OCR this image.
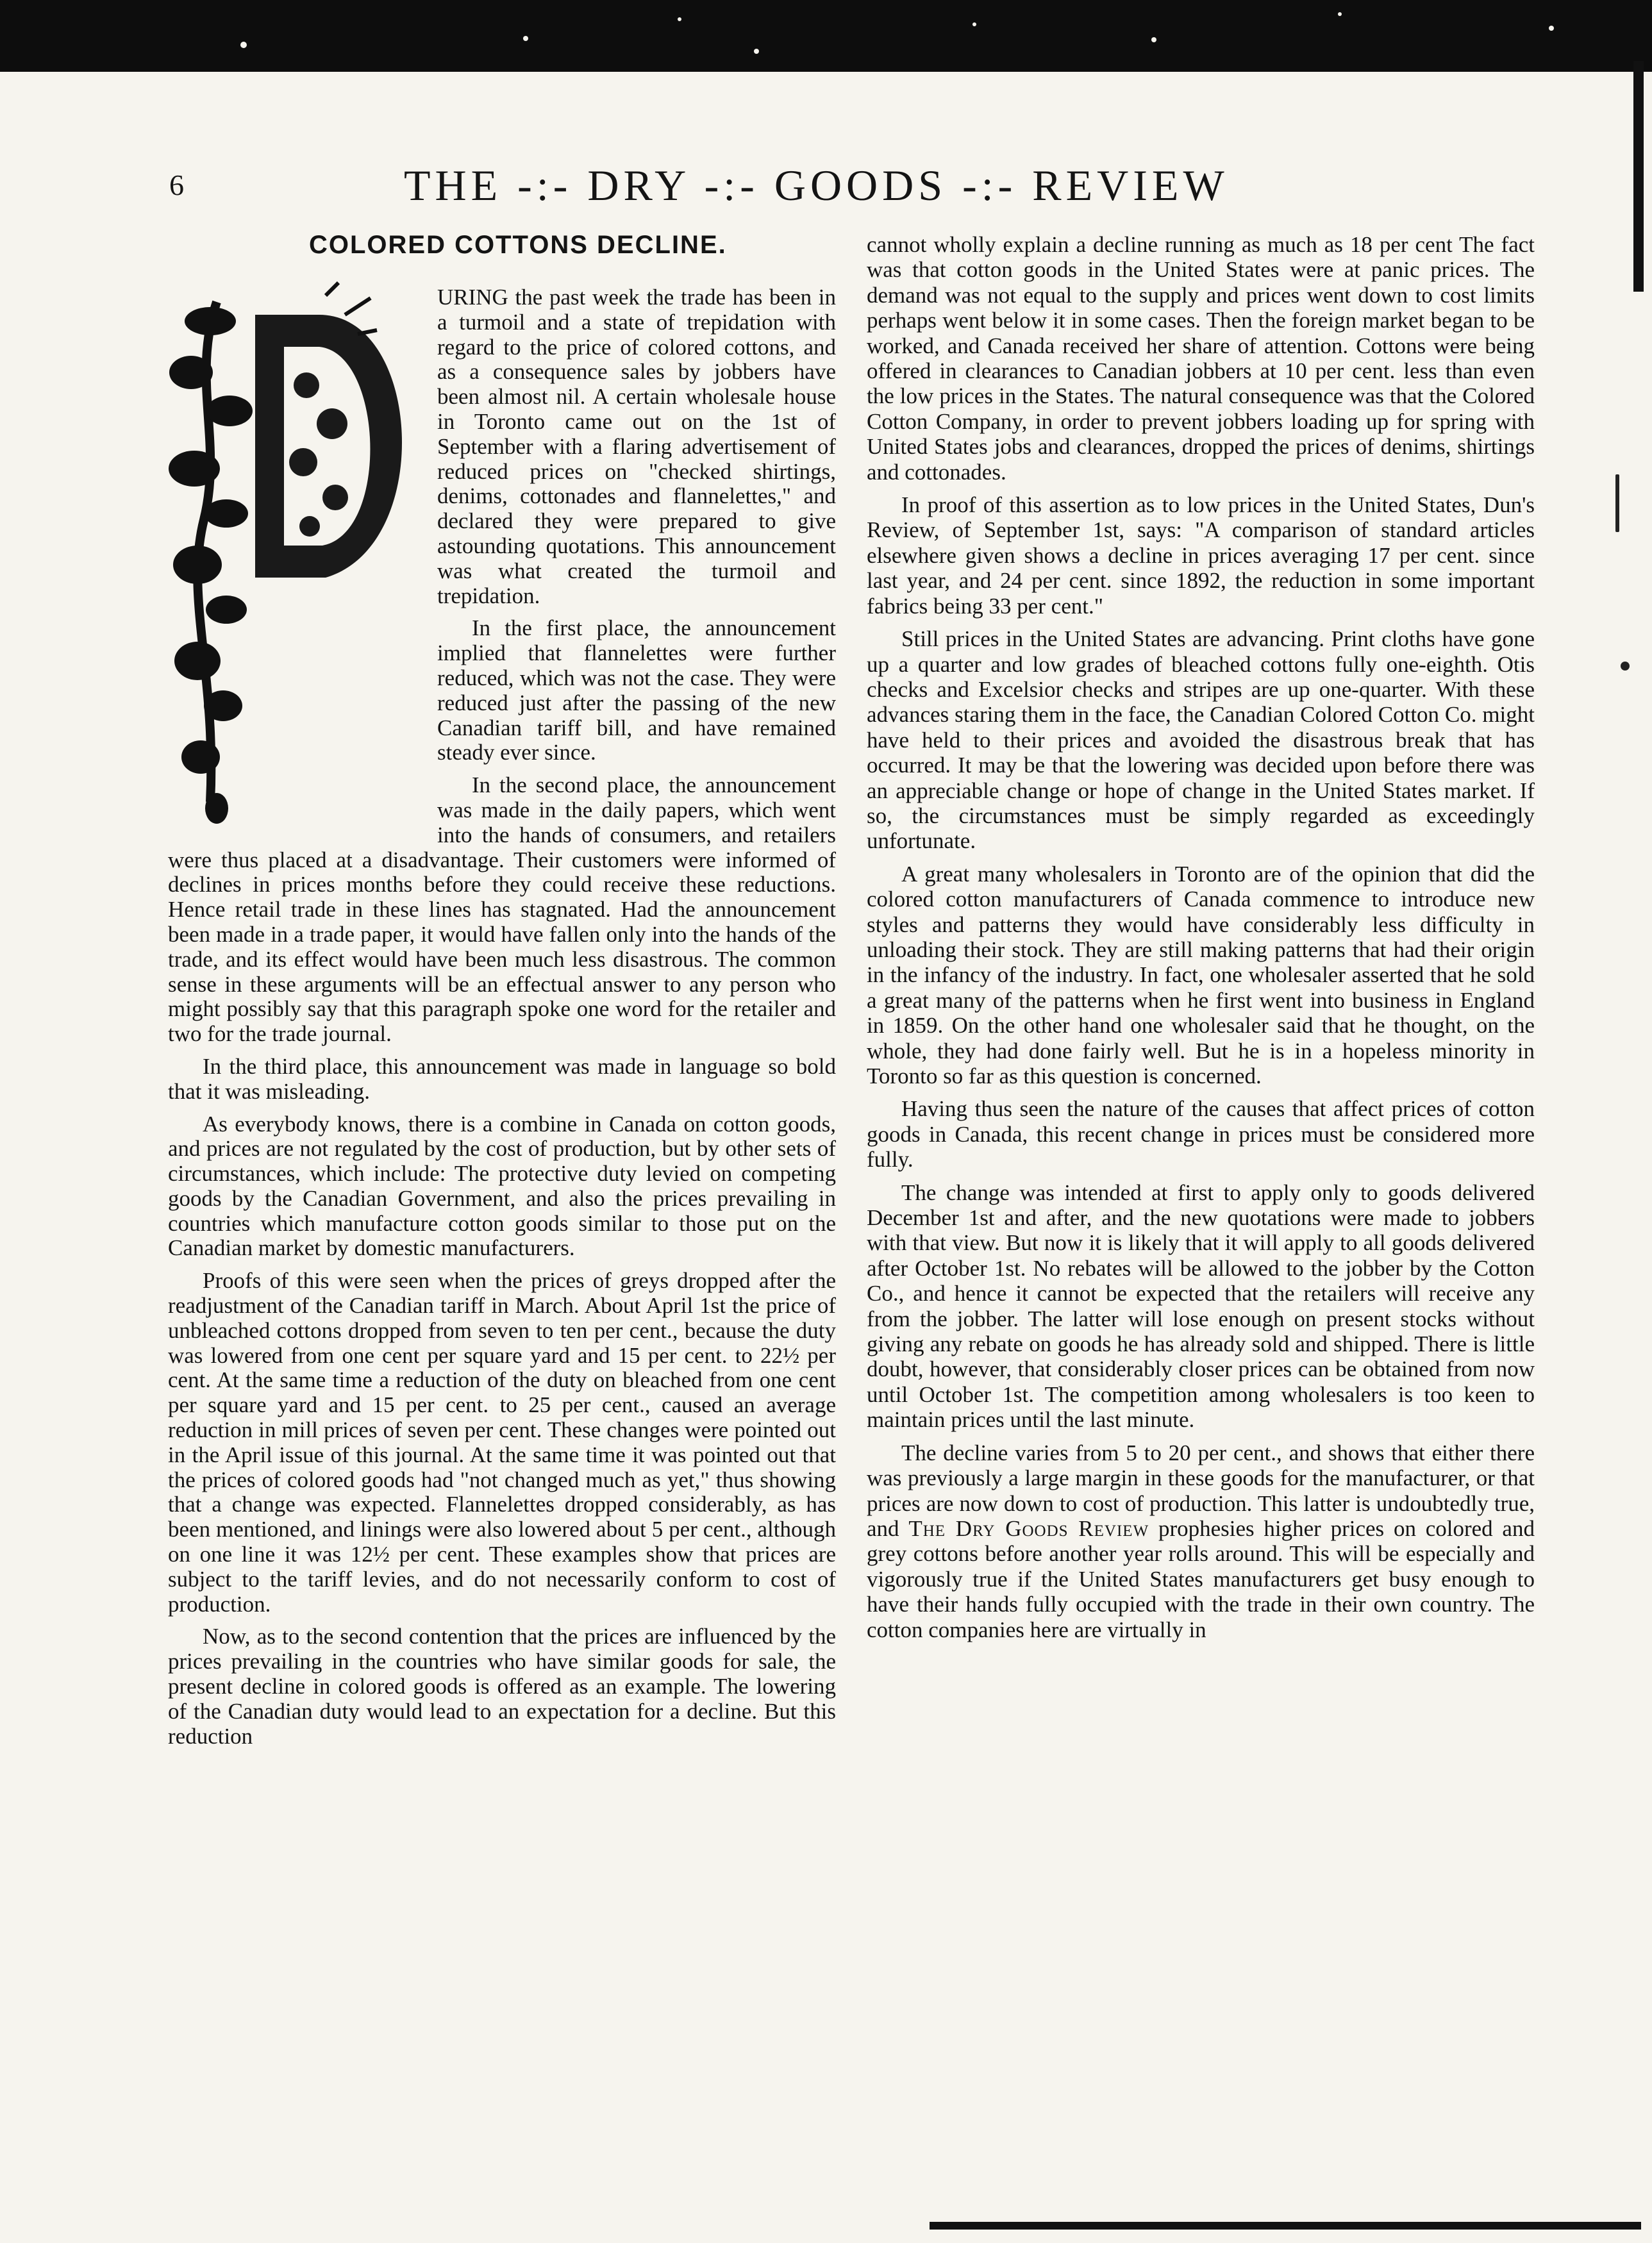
6	THE -:- DRY -:- GOODS -:- REVIEW
COLORED COTTONS DECLINE.

URING the past week the trade has been in a turmoil and a state of trepidation with regard to the price of colored cottons, and as a consequence sales by jobbers have been almost nil. A certain wholesale house in Toronto came out on the 1st of September with a flaring advertisement of reduced prices on "checked shirtings, denims, cottonades and flannelettes," and declared they were prepared to give astounding quotations. This announcement was what created the turmoil and trepidation.

In the first place, the announcement implied that flannelettes were further reduced, which was not the case. They were reduced just after the passing of the new Canadian tariff bill, and have remained steady ever since.

In the second place, the announcement was made in the daily papers, which went into the hands of consumers, and retailers were thus placed at a disadvantage. Their customers were informed of declines in prices months before they could receive these reductions. Hence retail trade in these lines has stagnated. Had the announcement been made in a trade paper, it would have fallen only into the hands of the trade, and its effect would have been much less disastrous. The common sense in these arguments will be an effectual answer to any person who might possibly say that this paragraph spoke one word for the retailer and two for the trade journal.

In the third place, this announcement was made in language so bold that it was misleading.

As everybody knows, there is a combine in Canada on cotton goods, and prices are not regulated by the cost of production, but by other sets of circumstances, which include: The protective duty levied on competing goods by the Canadian Government, and also the prices prevailing in countries which manufacture cotton goods similar to those put on the Canadian market by domestic manufacturers.

Proofs of this were seen when the prices of greys dropped after the readjustment of the Canadian tariff in March. About April 1st the price of unbleached cottons dropped from seven to ten per cent., because the duty was lowered from one cent per square yard and 15 per cent. to 22½ per cent. At the same time a reduction of the duty on bleached from one cent per square yard and 15 per cent. to 25 per cent., caused an average reduction in mill prices of seven per cent. These changes were pointed out in the April issue of this journal. At the same time it was pointed out that the prices of colored goods had "not changed much as yet," thus showing that a change was expected. Flannelettes dropped considerably, as has been mentioned, and linings were also lowered about 5 per cent., although on one line it was 12½ per cent. These examples show that prices are subject to the tariff levies, and do not necessarily conform to cost of production.

Now, as to the second contention that the prices are influenced by the prices prevailing in the countries who have similar goods for sale, the present decline in colored goods is offered as an example. The lowering of the Canadian duty would lead to an expectation for a decline. But this reduction

cannot wholly explain a decline running as much as 18 per cent The fact was that cotton goods in the United States were at panic prices. The demand was not equal to the supply and prices went down to cost limits perhaps went below it in some cases. Then the foreign market began to be worked, and Canada received her share of attention. Cottons were being offered in clearances to Canadian jobbers at 10 per cent. less than even the low prices in the States. The natural consequence was that the Colored Cotton Company, in order to prevent jobbers loading up for spring with United States jobs and clearances, dropped the prices of denims, shirtings and cottonades.

In proof of this assertion as to low prices in the United States, Dun's Review, of September 1st, says: "A comparison of standard articles elsewhere given shows a decline in prices averaging 17 per cent. since last year, and 24 per cent. since 1892, the reduction in some important fabrics being 33 per cent."

Still prices in the United States are advancing. Print cloths have gone up a quarter and low grades of bleached cottons fully one-eighth. Otis checks and Excelsior checks and stripes are up one-quarter. With these advances staring them in the face, the Canadian Colored Cotton Co. might have held to their prices and avoided the disastrous break that has occurred. It may be that the lowering was decided upon before there was an appreciable change or hope of change in the United States market. If so, the circumstances must be simply regarded as exceedingly unfortunate.

A great many wholesalers in Toronto are of the opinion that did the colored cotton manufacturers of Canada commence to introduce new styles and patterns they would have considerably less difficulty in unloading their stock. They are still making patterns that had their origin in the infancy of the industry. In fact, one wholesaler asserted that he sold a great many of the patterns when he first went into business in England in 1859. On the other hand one wholesaler said that he thought, on the whole, they had done fairly well. But he is in a hopeless minority in Toronto so far as this question is concerned.

Having thus seen the nature of the causes that affect prices of cotton goods in Canada, this recent change in prices must be considered more fully.

The change was intended at first to apply only to goods delivered December 1st and after, and the new quotations were made to jobbers with that view. But now it is likely that it will apply to all goods delivered after October 1st. No rebates will be allowed to the jobber by the Cotton Co., and hence it cannot be expected that the retailers will receive any from the jobber. The latter will lose enough on present stocks without giving any rebate on goods he has already sold and shipped. There is little doubt, however, that considerably closer prices can be obtained from now until October 1st. The competition among wholesalers is too keen to maintain prices until the last minute.

The decline varies from 5 to 20 per cent., and shows that either there was previously a large margin in these goods for the manufacturer, or that prices are now down to cost of production. This latter is undoubtedly true, and The Dry Goods Review prophesies higher prices on colored and grey cottons before another year rolls around. This will be especially and vigorously true if the United States manufacturers get busy enough to have their hands fully occupied with the trade in their own country. The cotton companies here are virtually in
